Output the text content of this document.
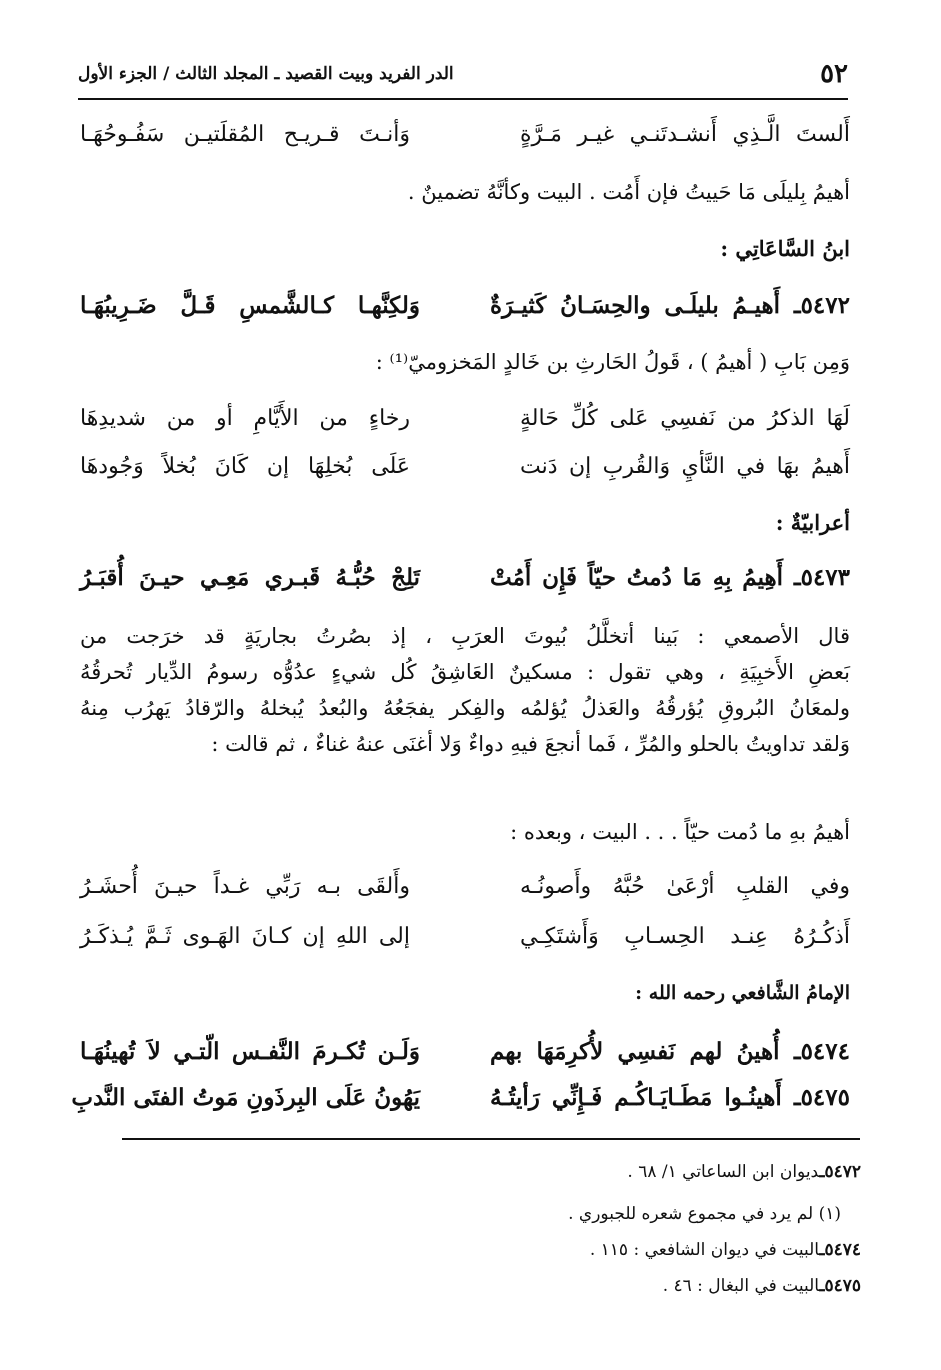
٥٢
الدر الفريد وبيت القصيد ـ المجلد الثالث / الجزء الأول
أَلستَ الَّـذِي أَنشـدتَنـي غيـر مَـرَّةٍ
وَأنـتَ قـريـح المُقلَتيـن سَفُـوحُهَـا
أهيمُ بِليلَى مَا حَييتُ فإن أَمُت . البيت وكأنَّهُ تضمينٌ .
ابنُ السَّاعَاتِي :
٥٤٧٢ـ أَهيـمُ بليلَـى والحِسَـانُ كَثيـرَةٌ
وَلكِنَّهـا كـالشَّمسِ قَـلَّ ضَـرِيبُهَـا
وَمِن بَابِ ( أهيمُ ) ، قَولُ الحَارثِ بن خَالدٍ المَخزوميّ⁽¹⁾ :
لَهَا الذكرُ من نَفسِي عَلى كُلِّ حَالةٍ
رخاءٍ من الأَيَّامِ أو من شديدِهَا
أَهيمُ بهَا في النَّأيِ وَالقُربِ إن دَنت
عَلَى بُخلِهَا إن كَانَ بُخلاً وَجُودهَا
أعرابيّةٌ :
٥٤٧٣ـ أَهِيمُ بِهِ مَا دُمتُ حيّاً فَإِن أَمُتْ
تَلِجْ حُبُّـهُ قَبـري مَعِـي حيـنَ أُقبَـرُ
قال الأصمعي : بَينا أتخلَّلُ بُيوتَ العرَبِ ، إذ بصُرتُ بجاريَةٍ قد خرَجت من
بَعضِ الأَخبِيَةِ ، وهي تقول : مسكينٌ العَاشِقُ كُل شيءٍ عدُوُّه رسومُ الدِّيار تُحرقُهُ
ولمعَانُ البُروقِ يُؤرقُهُ والعَذلُ يُؤلمُه والفِكر يفجَعُهُ والبُعدُ يُبخلهُ والرّقادُ يَهرُب مِنهُ
وَلقد تداويتُ بالحلو والمُرِّ ، فَما أنجعَ فيهِ دواءٌ وَلا أغنَى عنهُ غناءٌ ، ثم قالت :
أهيمُ بهِ ما دُمت حيّاً . . . البيت ، وبعده :
وفي القلبِ أرْعَىٰ حُبَّهُ وأَصونُـه
وأَلقَى بـه رَبِّي غـداً حيـنَ أُحشَـرُ
أَذكُـرُهُ عِنـد الحِسـابِ وَأَشتَكِـي
إلى اللهِ إن كـانَ الهَـوى ثَـمَّ يُـذكَـرُ
الإمامُ الشَّافعي رحمه الله :
٥٤٧٤ـ أُهينُ لهم نَفسِي لأُكرِمَهَا بهم
وَلَـن تُكـرمَ النَّفـس الّتـي لاَ تُهينُهَـا
٥٤٧٥ـ أَهينُـوا مَطَـايَـاكُـم فَـإِنِّي رَأيتُـهُ
يَهُونُ عَلَى البِرذَونِ مَوتُ الفتَى النَّدبِ
٥٤٧٢ـديوان ابن الساعاتي ١/ ٦٨ .
(١) لم يرد في مجموع شعره للجبوري .
٥٤٧٤ـالبيت في ديوان الشافعي : ١١٥ .
٥٤٧٥ـالبيت في البغال : ٤٦ .
